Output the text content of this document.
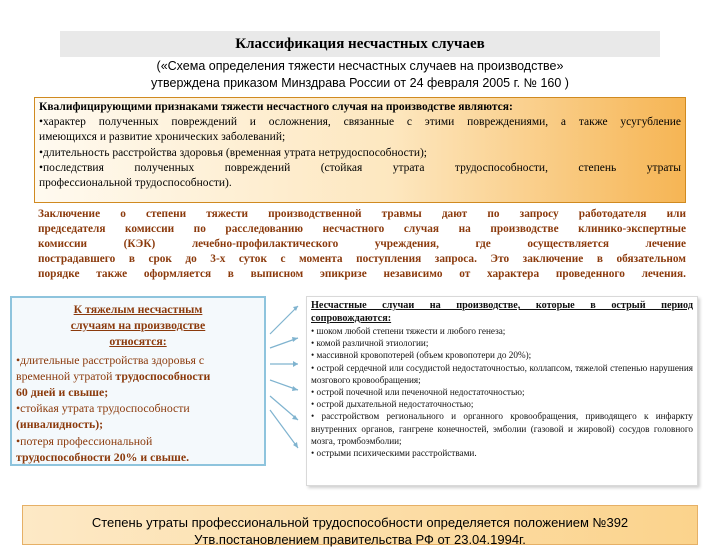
Классификация несчастных случаев
(«Схема определения тяжести несчастных случаев на производстве»
утверждена приказом Минздрава России от 24 февраля 2005 г. № 160 )
Квалифицирующими признаками тяжести несчастного случая на производстве являются:
•характер полученных повреждений и осложнения, связанные с этими повреждениями, а также усугубление
имеющихся и развитие хронических заболеваний;
•длительность расстройства здоровья (временная утрата нетрудоспособности);
•последствия полученных повреждений (стойкая утрата трудоспособности, степень утраты
профессиональной трудоспособности).
Заключение о степени тяжести производственной травмы дают по запросу работодателя или
председателя комиссии по расследованию несчастного случая на производстве клинико-экспертные
комиссии (КЭК) лечебно-профилактического учреждения, где осуществляется лечение
пострадавшего в срок до 3-х суток с момента поступления запроса. Это заключение в обязательном
порядке также оформляется в выписном эпикризе независимо от характера проведенного лечения.
К тяжелым несчастным
случаям на производстве
относятся:
•длительные расстройства здоровья с временной утратой трудоспособности
60 дней и свыше;
•стойкая утрата трудоспособности
(инвалидность);
•потеря профессиональной
трудоспособности 20% и свыше.
Несчастные случаи на производстве, которые в острый период
сопровождаются:
• шоком любой степени тяжести и любого генеза;
• комой различной этиологии;
• массивной кровопотерей (объем кровопотери до 20%);
• острой сердечной или сосудистой недостаточностью, коллапсом, тяжелой степенью нарушения мозгового кровообращения;
• острой почечной или печеночной недостаточностью;
• острой дыхательной недостаточностью;
• расстройством регионального и органного кровообращения, приводящего к инфаркту внутренних органов, гангрене конечностей, эмболии (газовой и жировой) сосудов головного мозга, тромбоэмболии;
• острыми психическими расстройствами.
Степень утраты профессиональной трудоспособности определяется положением №392
Утв.постановлением правительства РФ от 23.04.1994г.
